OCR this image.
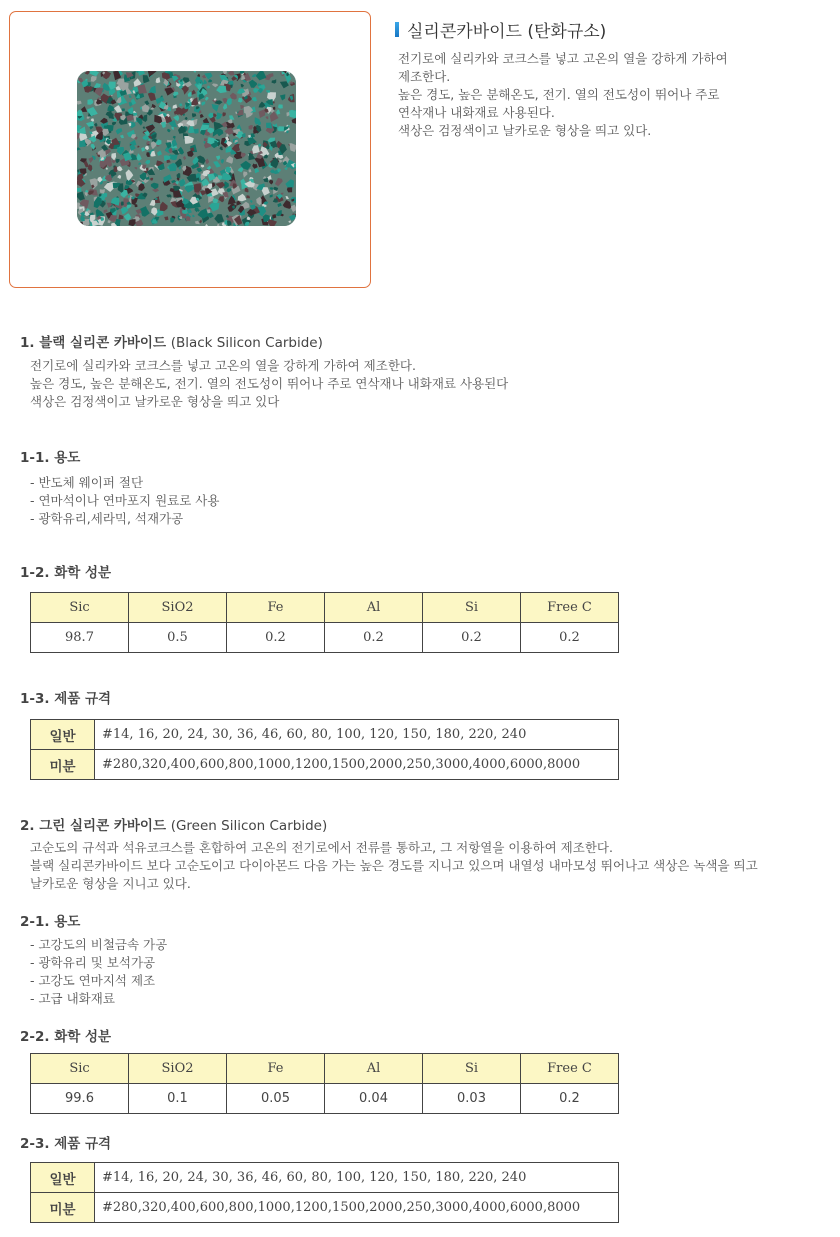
실리콘카바이드 (탄화규소)
전기로에 실리카와 코크스를 넣고 고온의 열을 강하게 가하여
제조한다.
높은 경도, 높은 분해온도, 전기. 열의 전도성이 뛰어나 주로
연삭재나 내화재료 사용된다.
색상은 검정색이고 날카로운 형상을 띄고 있다.
1. 블랙 실리콘 카바이드 (Black Silicon Carbide)
전기로에 실리카와 코크스를 넣고 고온의 열을 강하게 가하여 제조한다.
높은 경도, 높은 분해온도, 전기. 열의 전도성이 뛰어나 주로 연삭재나 내화재료 사용된다
색상은 검정색이고 날카로운 형상을 띄고 있다
1-1. 용도
- 반도체 웨이퍼 절단
- 연마석이나 연마포지 원료로 사용
- 광학유리,세라믹, 석재가공
1-2. 화학 성분
Sic	SiO2	Fe	Al	Si	Free C
98.7	0.5	0.2	0.2	0.2	0.2
1-3. 제품 규격
일반	#14, 16, 20, 24, 30, 36, 46, 60, 80, 100, 120, 150, 180, 220, 240
미분	#280,320,400,600,800,1000,1200,1500,2000,250,3000,4000,6000,8000
2. 그린 실리콘 카바이드 (Green Silicon Carbide)
고순도의 규석과 석유코크스를 혼합하여 고온의 전기로에서 전류를 통하고, 그 저항열을 이용하여 제조한다.
블랙 실리콘카바이드 보다 고순도이고 다이아몬드 다음 가는 높은 경도를 지니고 있으며 내열성 내마모성 뛰어나고 색상은 녹색을 띄고
날카로운 형상을 지니고 있다.
2-1. 용도
- 고강도의 비철금속 가공
- 광학유리 및 보석가공
- 고강도 연마지석 제조
- 고급 내화재료
2-2. 화학 성분
Sic	SiO2	Fe	Al	Si	Free C
99.6	0.1	0.05	0.04	0.03	0.2
2-3. 제품 규격
일반	#14, 16, 20, 24, 30, 36, 46, 60, 80, 100, 120, 150, 180, 220, 240
미분	#280,320,400,600,800,1000,1200,1500,2000,250,3000,4000,6000,8000
